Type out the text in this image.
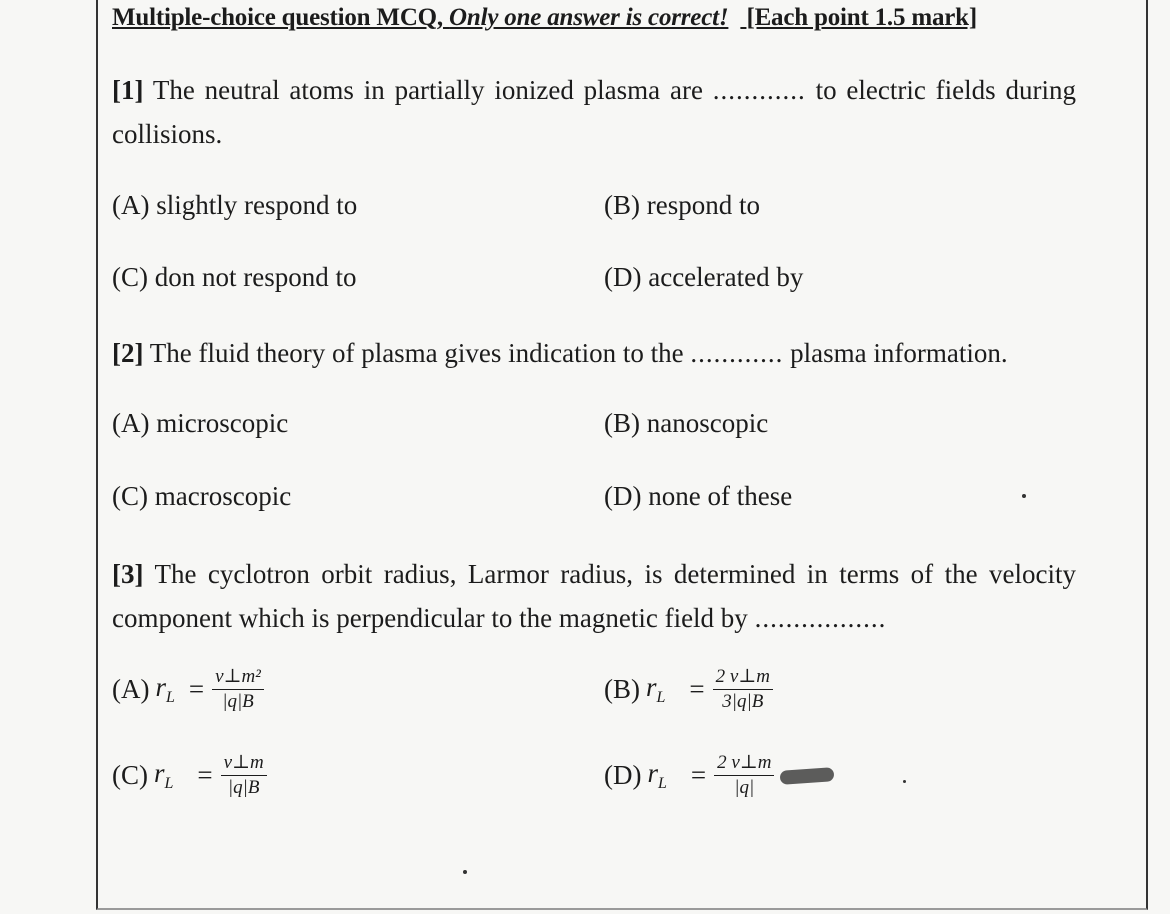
Multiple-choice question MCQ, Only one answer is correct! [Each point 1.5 mark]
[1] The neutral atoms in partially ionized plasma are ............ to electric fields during collisions.
(A) slightly respond to	(B) respond to
(C) don not respond to	(D) accelerated by
[2] The fluid theory of plasma gives indication to the ............ plasma information.
(A) microscopic	(B) nanoscopic
(C) macroscopic	(D) none of these
[3] The cyclotron orbit radius, Larmor radius, is determined in terms of the velocity component which is perpendicular to the magnetic field by .................
(A) $r_L = \frac{\text{v⊥m²}}{|q|B}$	(B) $r_L = \frac{2 v\perp m}{3|q|B}$
(C) $r_L = \frac{v\perp m}{|q|B}$	(D) $r_L = \frac{2 v\perp m}{|q|}$
